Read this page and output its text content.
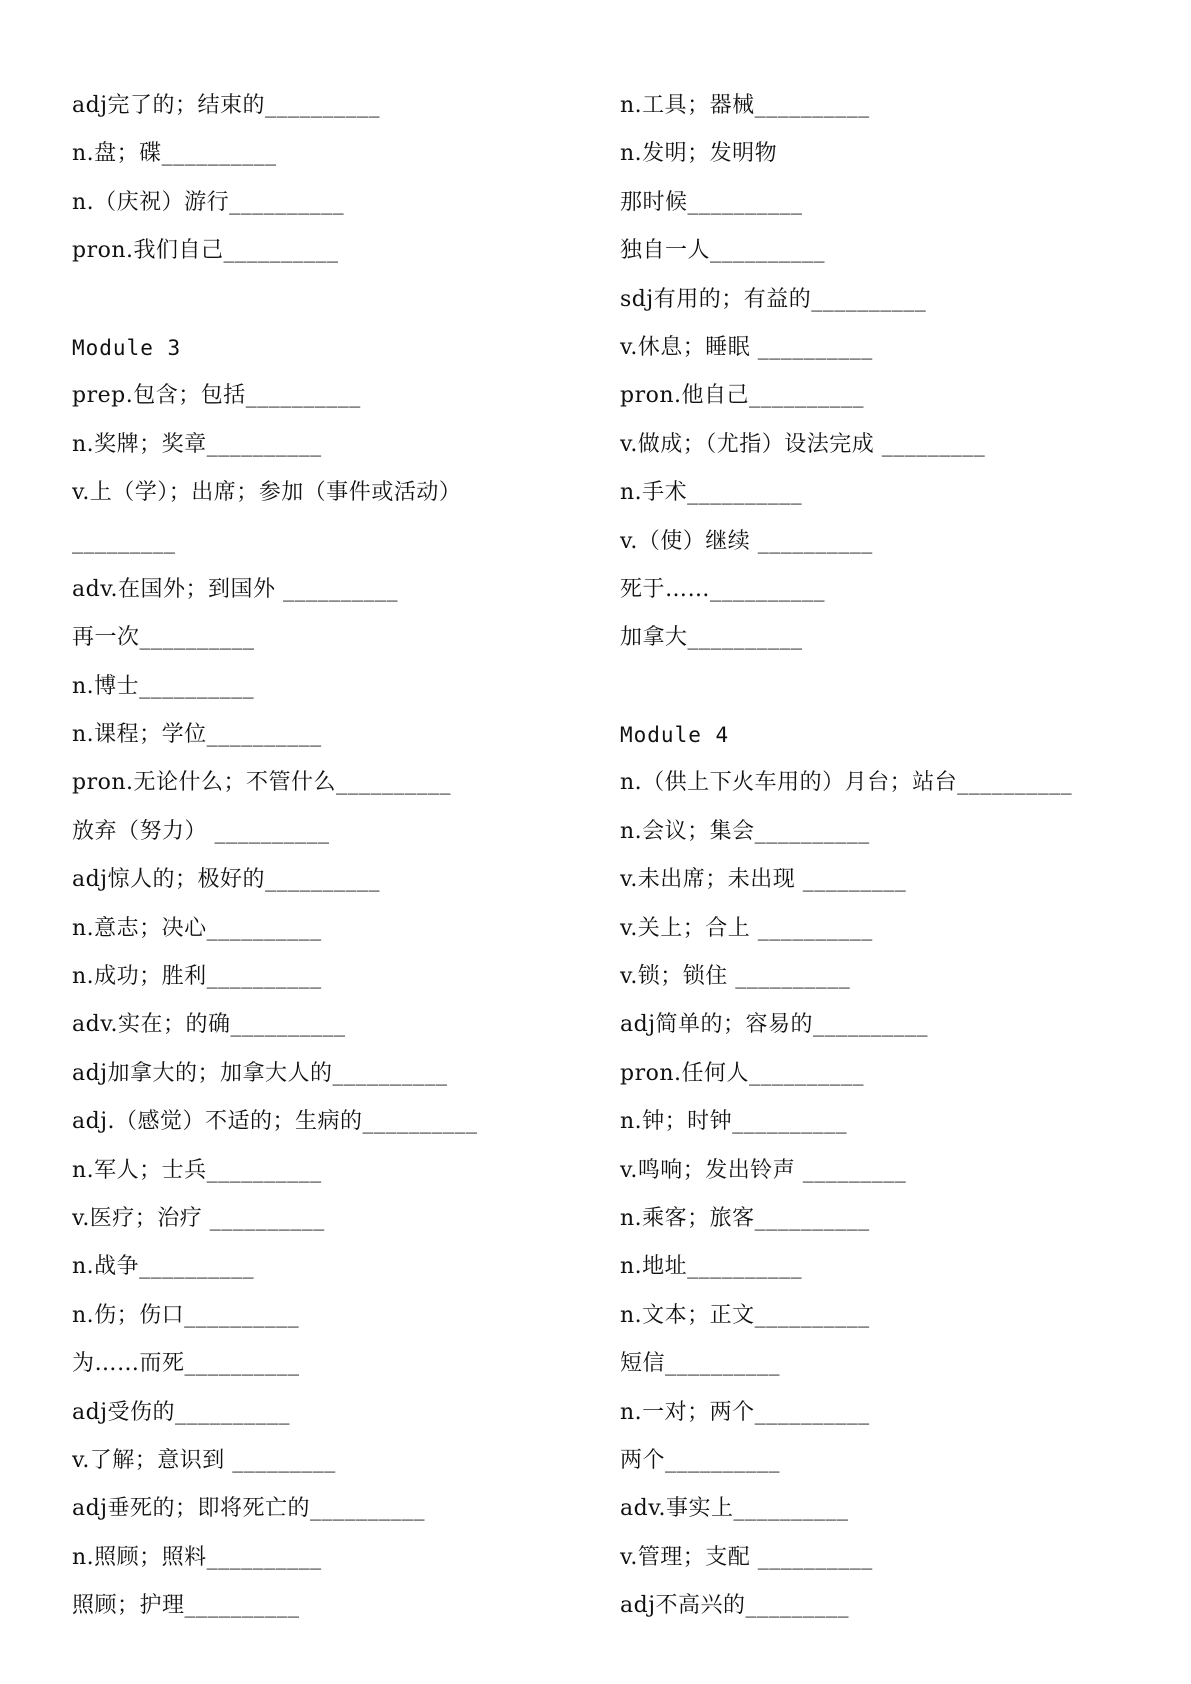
adj完了的；结束的__________
n.盘；碟__________
n.（庆祝）游行__________
pron.我们自己__________
Module 3
prep.包含；包括__________
n.奖牌；奖章__________
v.上（学）；出席；参加（事件或活动）
_________
adv.在国外；到国外 __________
再一次__________
n.博士__________
n.课程；学位__________
pron.无论什么；不管什么__________
放弃（努力） __________
adj惊人的；极好的__________
n.意志；决心__________
n.成功；胜利__________
adv.实在；的确__________
adj加拿大的；加拿大人的__________
adj.（感觉）不适的；生病的__________
n.军人；士兵__________
v.医疗；治疗 __________
n.战争__________
n.伤；伤口__________
为……而死__________
adj受伤的__________
v.了解；意识到 _________
adj垂死的；即将死亡的__________
n.照顾；照料__________
照顾；护理__________
n.工具；器械__________
n.发明；发明物
那时候__________
独自一人__________
sdj有用的；有益的__________
v.休息；睡眠 __________
pron.他自己__________
v.做成；（尤指）设法完成 _________
n.手术__________
v.（使）继续 __________
死于……__________
加拿大__________
Module 4
n.（供上下火车用的）月台；站台__________
n.会议；集会__________
v.未出席；未出现 _________
v.关上；合上 __________
v.锁；锁住 __________
adj简单的；容易的__________
pron.任何人__________
n.钟；时钟__________
v.鸣响；发出铃声 _________
n.乘客；旅客__________
n.地址__________
n.文本；正文__________
短信__________
n.一对；两个__________
两个__________
adv.事实上__________
v.管理；支配 __________
adj不高兴的_________
